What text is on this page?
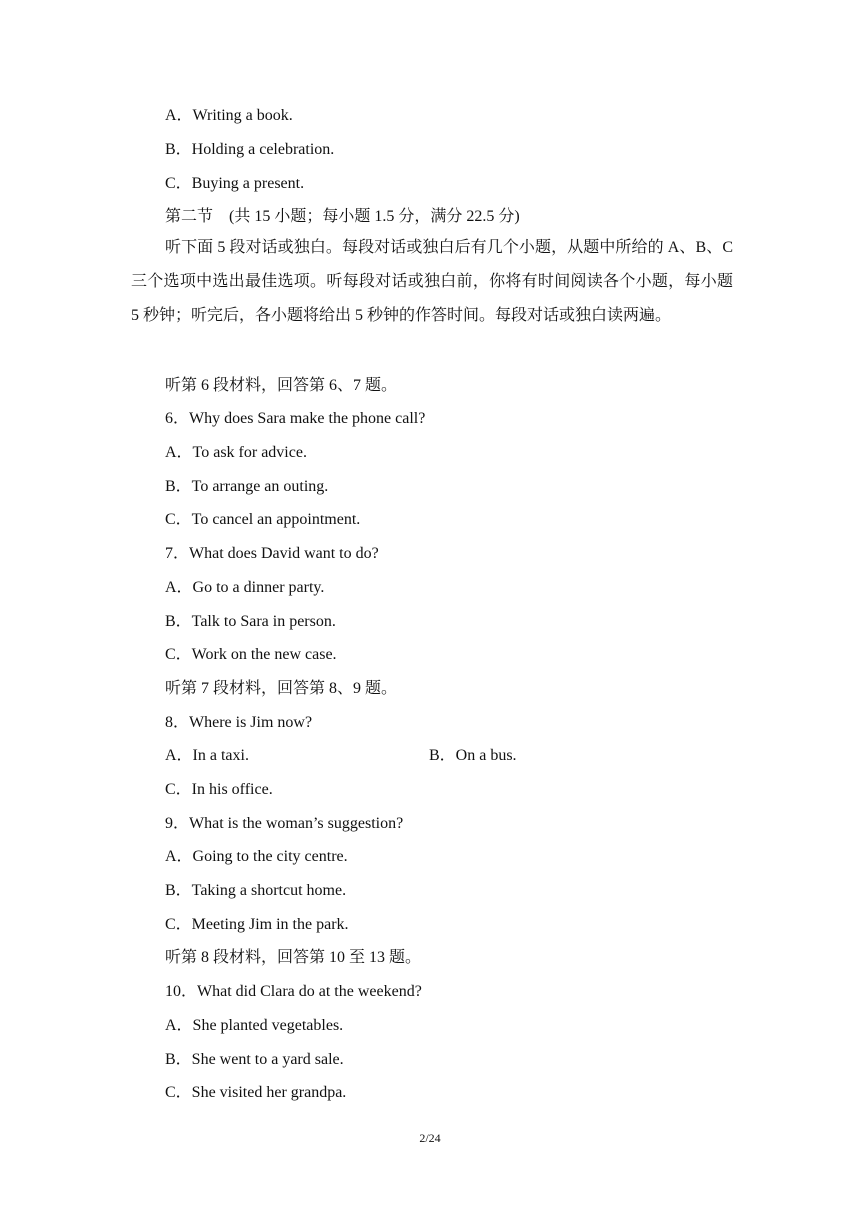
A．Writing a book.
B．Holding a celebration.
C．Buying a present.
第二节　(共 15 小题；每小题 1.5 分，满分 22.5 分)
听下面 5 段对话或独白。每段对话或独白后有几个小题，从题中所给的 A、B、C 三个选项中选出最佳选项。听每段对话或独白前，你将有时间阅读各个小题，每小题 5 秒钟；听完后，各小题将给出 5 秒钟的作答时间。每段对话或独白读两遍。
听第 6 段材料，回答第 6、7 题。
6．Why does Sara make the phone call?
A．To ask for advice.
B．To arrange an outing.
C．To cancel an appointment.
7．What does David want to do?
A．Go to a dinner party.
B．Talk to Sara in person.
C．Work on the new case.
听第 7 段材料，回答第 8、9 题。
8．Where is Jim now?
A．In a taxi.	B．On a bus.
C．In his office.
9．What is the woman’s suggestion?
A．Going to the city centre.
B．Taking a shortcut home.
C．Meeting Jim in the park.
听第 8 段材料，回答第 10 至 13 题。
10．What did Clara do at the weekend?
A．She planted vegetables.
B．She went to a yard sale.
C．She visited her grandpa.
2/24
